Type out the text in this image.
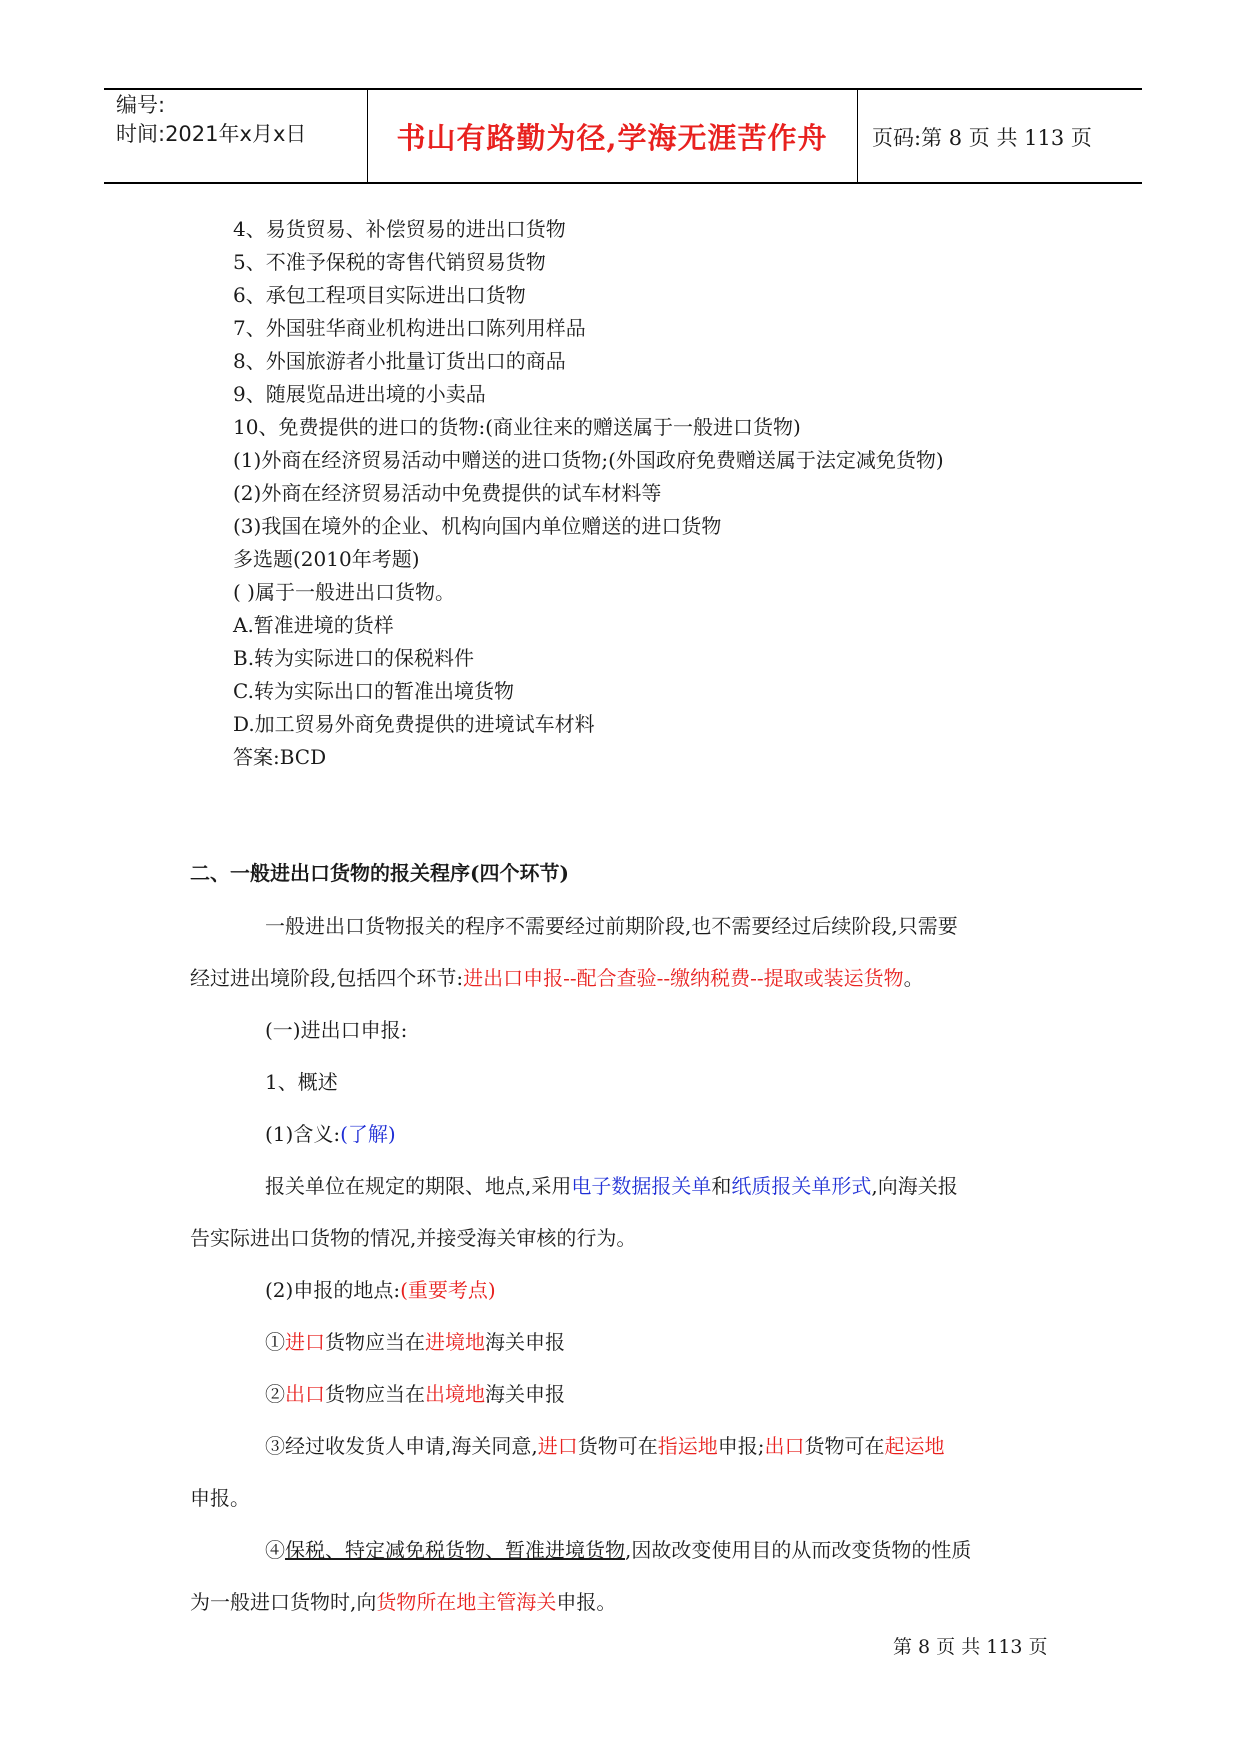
编号:
时间:2021年x月x日	书山有路勤为径,学海无涯苦作舟	页码:第 8 页 共 113 页
4、易货贸易、补偿贸易的进出口货物
5、不准予保税的寄售代销贸易货物
6、承包工程项目实际进出口货物
7、外国驻华商业机构进出口陈列用样品
8、外国旅游者小批量订货出口的商品
9、随展览品进出境的小卖品
10、免费提供的进口的货物:(商业往来的赠送属于一般进口货物)
(1)外商在经济贸易活动中赠送的进口货物;(外国政府免费赠送属于法定减免货物)
(2)外商在经济贸易活动中免费提供的试车材料等
(3)我国在境外的企业、机构向国内单位赠送的进口货物
多选题(2010年考题)
( )属于一般进出口货物。
A.暂准进境的货样
B.转为实际进口的保税料件
C.转为实际出口的暂准出境货物
D.加工贸易外商免费提供的进境试车材料
答案:BCD
二、一般进出口货物的报关程序(四个环节)
一般进出口货物报关的程序不需要经过前期阶段,也不需要经过后续阶段,只需要
经过进出境阶段,包括四个环节:进出口申报--配合查验--缴纳税费--提取或装运货物。
(一)进出口申报:
1、概述
(1)含义:(了解)
报关单位在规定的期限、地点,采用电子数据报关单和纸质报关单形式,向海关报
告实际进出口货物的情况,并接受海关审核的行为。
(2)申报的地点:(重要考点)
①进口货物应当在进境地海关申报
②出口货物应当在出境地海关申报
③经过收发货人申请,海关同意,进口货物可在指运地申报;出口货物可在起运地
申报。
④保税、特定减免税货物、暂准进境货物,因故改变使用目的从而改变货物的性质
为一般进口货物时,向货物所在地主管海关申报。
第 8 页 共 113 页
